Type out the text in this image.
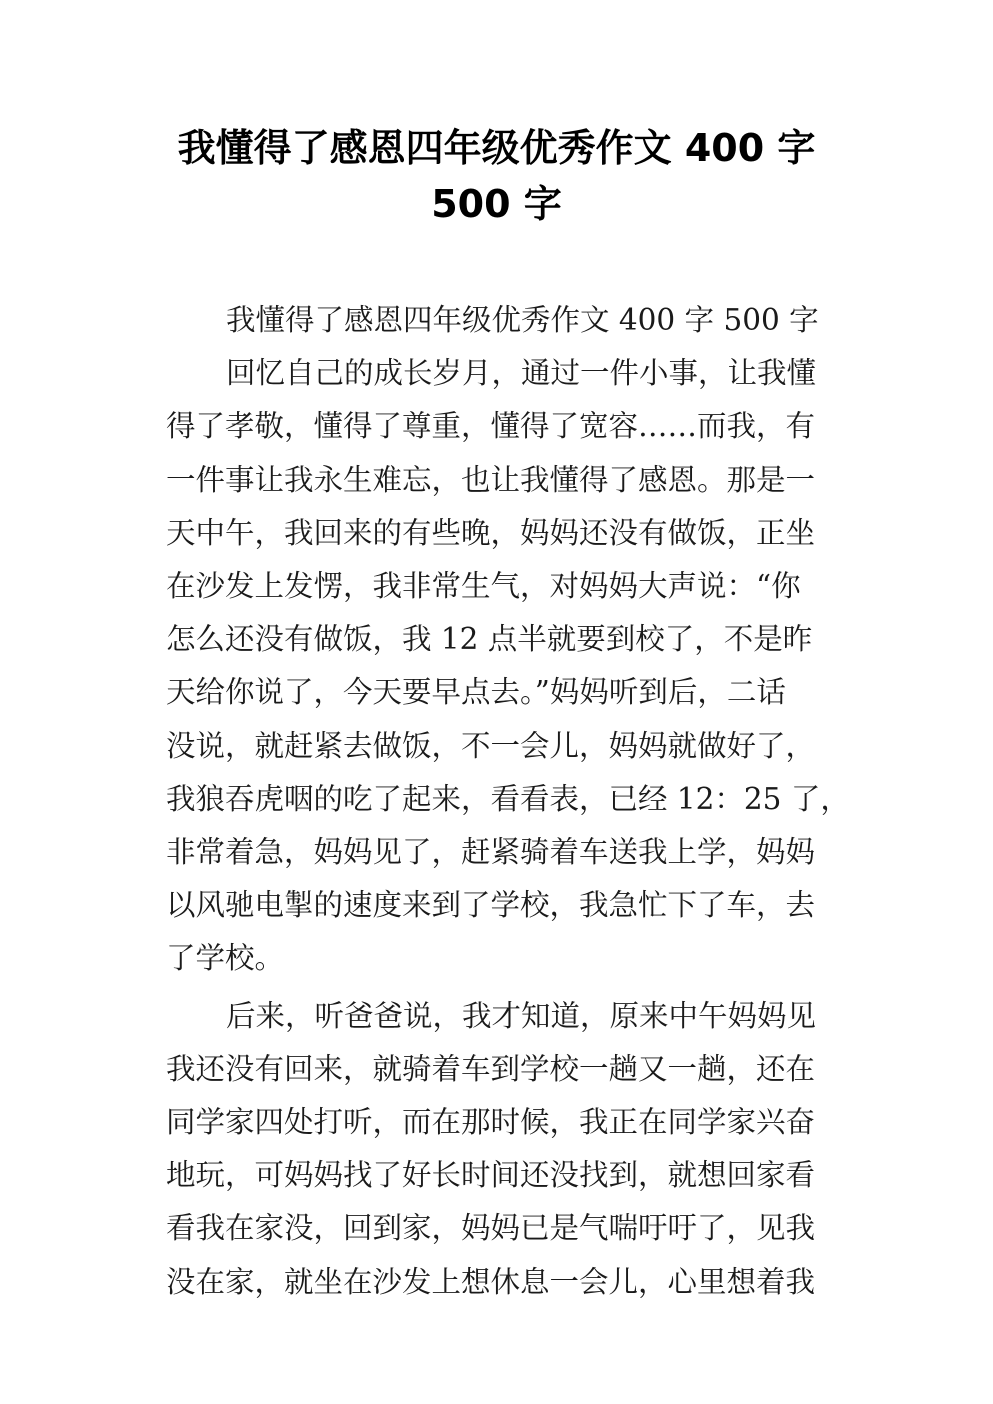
我懂得了感恩四年级优秀作文 400 字
500 字

我懂得了感恩四年级优秀作文 400 字 500 字

回忆自己的成长岁月，通过一件小事，让我懂
得了孝敬，懂得了尊重，懂得了宽容……而我，有
一件事让我永生难忘，也让我懂得了感恩。那是一
天中午，我回来的有些晚，妈妈还没有做饭，正坐
在沙发上发愣，我非常生气，对妈妈大声说：“你
怎么还没有做饭，我 12 点半就要到校了，不是昨
天给你说了，今天要早点去。”妈妈听到后，二话
没说，就赶紧去做饭，不一会儿，妈妈就做好了，
我狼吞虎咽的吃了起来，看看表，已经 12：25 了，
非常着急，妈妈见了，赶紧骑着车送我上学，妈妈
以风驰电掣的速度来到了学校，我急忙下了车，去
了学校。

后来，听爸爸说，我才知道，原来中午妈妈见
我还没有回来，就骑着车到学校一趟又一趟，还在
同学家四处打听，而在那时候，我正在同学家兴奋
地玩，可妈妈找了好长时间还没找到，就想回家看
看我在家没，回到家，妈妈已是气喘吁吁了，见我
没在家，就坐在沙发上想休息一会儿，心里想着我
